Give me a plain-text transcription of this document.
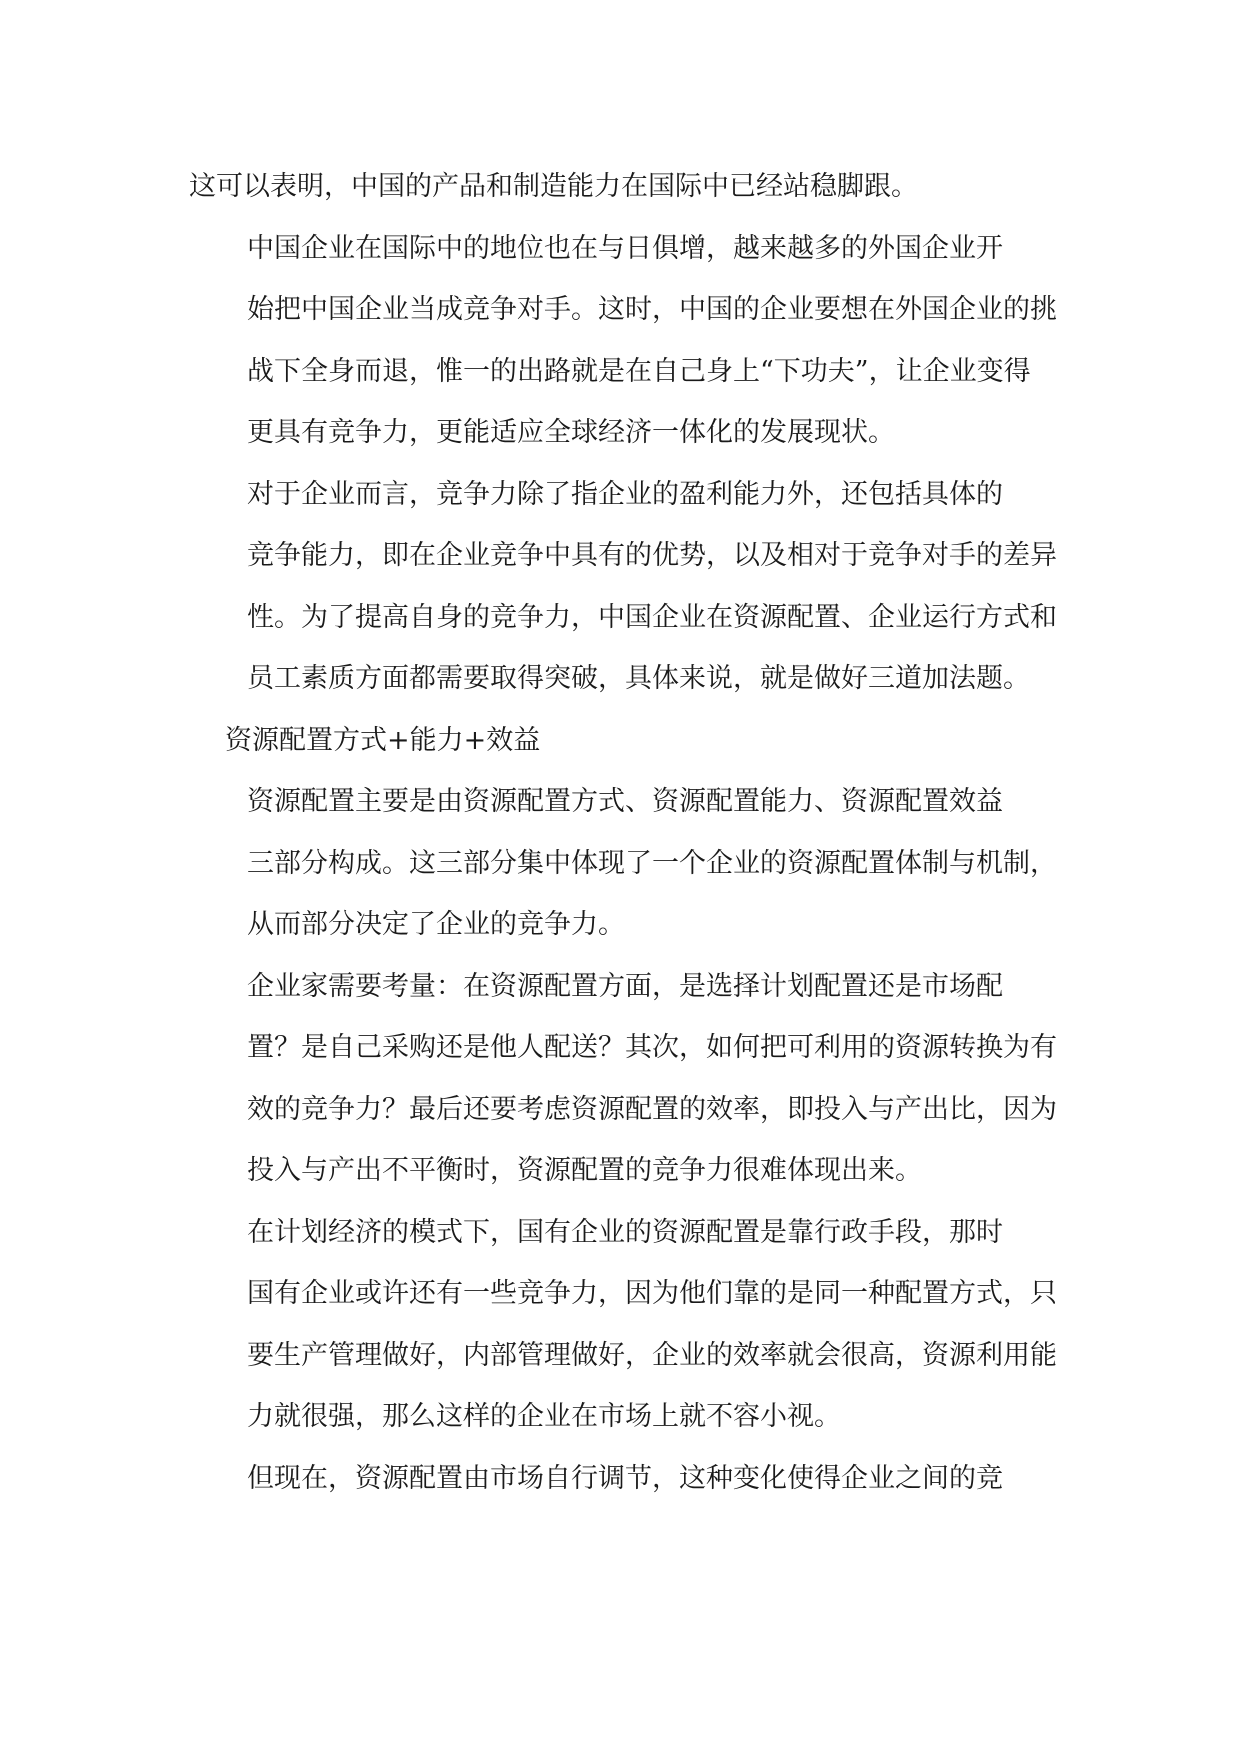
这可以表明，中国的产品和制造能力在国际中已经站稳脚跟。

中国企业在国际中的地位也在与日俱增，越来越多的外国企业开
始把中国企业当成竞争对手。这时，中国的企业要想在外国企业的挑
战下全身而退，惟一的出路就是在自己身上“下功夫”，让企业变得
更具有竞争力，更能适应全球经济一体化的发展现状。

对于企业而言，竞争力除了指企业的盈利能力外，还包括具体的
竞争能力，即在企业竞争中具有的优势，以及相对于竞争对手的差异
性。为了提高自身的竞争力，中国企业在资源配置、企业运行方式和
员工素质方面都需要取得突破，具体来说，就是做好三道加法题。

资源配置方式+能力+效益

资源配置主要是由资源配置方式、资源配置能力、资源配置效益
三部分构成。这三部分集中体现了一个企业的资源配置体制与机制，
从而部分决定了企业的竞争力。

企业家需要考量：在资源配置方面，是选择计划配置还是市场配
置？是自己采购还是他人配送？其次，如何把可利用的资源转换为有
效的竞争力？最后还要考虑资源配置的效率，即投入与产出比，因为
投入与产出不平衡时，资源配置的竞争力很难体现出来。

在计划经济的模式下，国有企业的资源配置是靠行政手段，那时
国有企业或许还有一些竞争力，因为他们靠的是同一种配置方式，只
要生产管理做好，内部管理做好，企业的效率就会很高，资源利用能
力就很强，那么这样的企业在市场上就不容小视。

但现在，资源配置由市场自行调节，这种变化使得企业之间的竞
